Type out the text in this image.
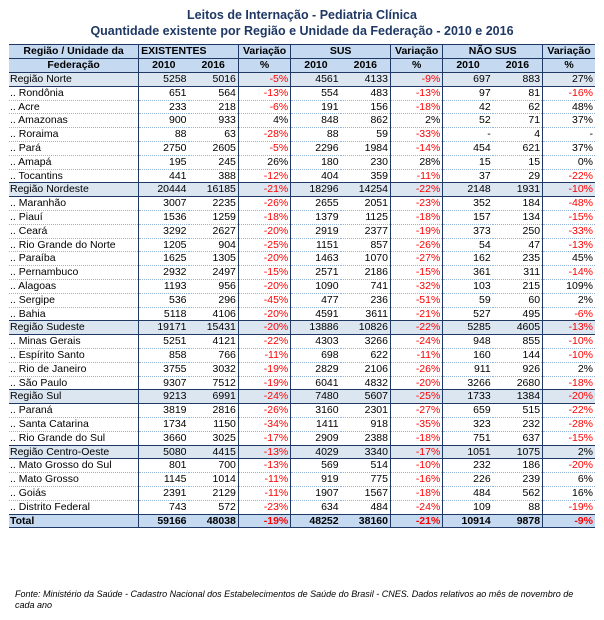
Leitos de Internação - Pediatria Clínica
Quantidade existente por Região e Unidade da Federação - 2010 e 2016
Região / Unidade da	EXISTENTES		Variação	SUS		Variação	NÃO SUS		Variação
Federação	2010	2016	%	2010	2016	%	2010	2016	%
Região Norte	5258	5016	-5%	4561	4133	-9%	697	883	27%
.. Rondônia	651	564	-13%	554	483	-13%	97	81	-16%
.. Acre	233	218	-6%	191	156	-18%	42	62	48%
.. Amazonas	900	933	4%	848	862	2%	52	71	37%
.. Roraima	88	63	-28%	88	59	-33%	-	4	-
.. Pará	2750	2605	-5%	2296	1984	-14%	454	621	37%
.. Amapá	195	245	26%	180	230	28%	15	15	0%
.. Tocantins	441	388	-12%	404	359	-11%	37	29	-22%
Região Nordeste	20444	16185	-21%	18296	14254	-22%	2148	1931	-10%
.. Maranhão	3007	2235	-26%	2655	2051	-23%	352	184	-48%
.. Piauí	1536	1259	-18%	1379	1125	-18%	157	134	-15%
.. Ceará	3292	2627	-20%	2919	2377	-19%	373	250	-33%
.. Rio Grande do Norte	1205	904	-25%	1151	857	-26%	54	47	-13%
.. Paraíba	1625	1305	-20%	1463	1070	-27%	162	235	45%
.. Pernambuco	2932	2497	-15%	2571	2186	-15%	361	311	-14%
.. Alagoas	1193	956	-20%	1090	741	-32%	103	215	109%
.. Sergipe	536	296	-45%	477	236	-51%	59	60	2%
.. Bahia	5118	4106	-20%	4591	3611	-21%	527	495	-6%
Região Sudeste	19171	15431	-20%	13886	10826	-22%	5285	4605	-13%
.. Minas Gerais	5251	4121	-22%	4303	3266	-24%	948	855	-10%
.. Espírito Santo	858	766	-11%	698	622	-11%	160	144	-10%
.. Rio de Janeiro	3755	3032	-19%	2829	2106	-26%	911	926	2%
.. São Paulo	9307	7512	-19%	6041	4832	-20%	3266	2680	-18%
Região Sul	9213	6991	-24%	7480	5607	-25%	1733	1384	-20%
.. Paraná	3819	2816	-26%	3160	2301	-27%	659	515	-22%
.. Santa Catarina	1734	1150	-34%	1411	918	-35%	323	232	-28%
.. Rio Grande do Sul	3660	3025	-17%	2909	2388	-18%	751	637	-15%
Região Centro-Oeste	5080	4415	-13%	4029	3340	-17%	1051	1075	2%
.. Mato Grosso do Sul	801	700	-13%	569	514	-10%	232	186	-20%
.. Mato Grosso	1145	1014	-11%	919	775	-16%	226	239	6%
.. Goiás	2391	2129	-11%	1907	1567	-18%	484	562	16%
.. Distrito Federal	743	572	-23%	634	484	-24%	109	88	-19%
Total	59166	48038	-19%	48252	38160	-21%	10914	9878	-9%
Fonte: Ministério da Saúde - Cadastro Nacional dos Estabelecimentos de Saúde do Brasil - CNES. Dados relativos ao mês de novembro de cada ano
